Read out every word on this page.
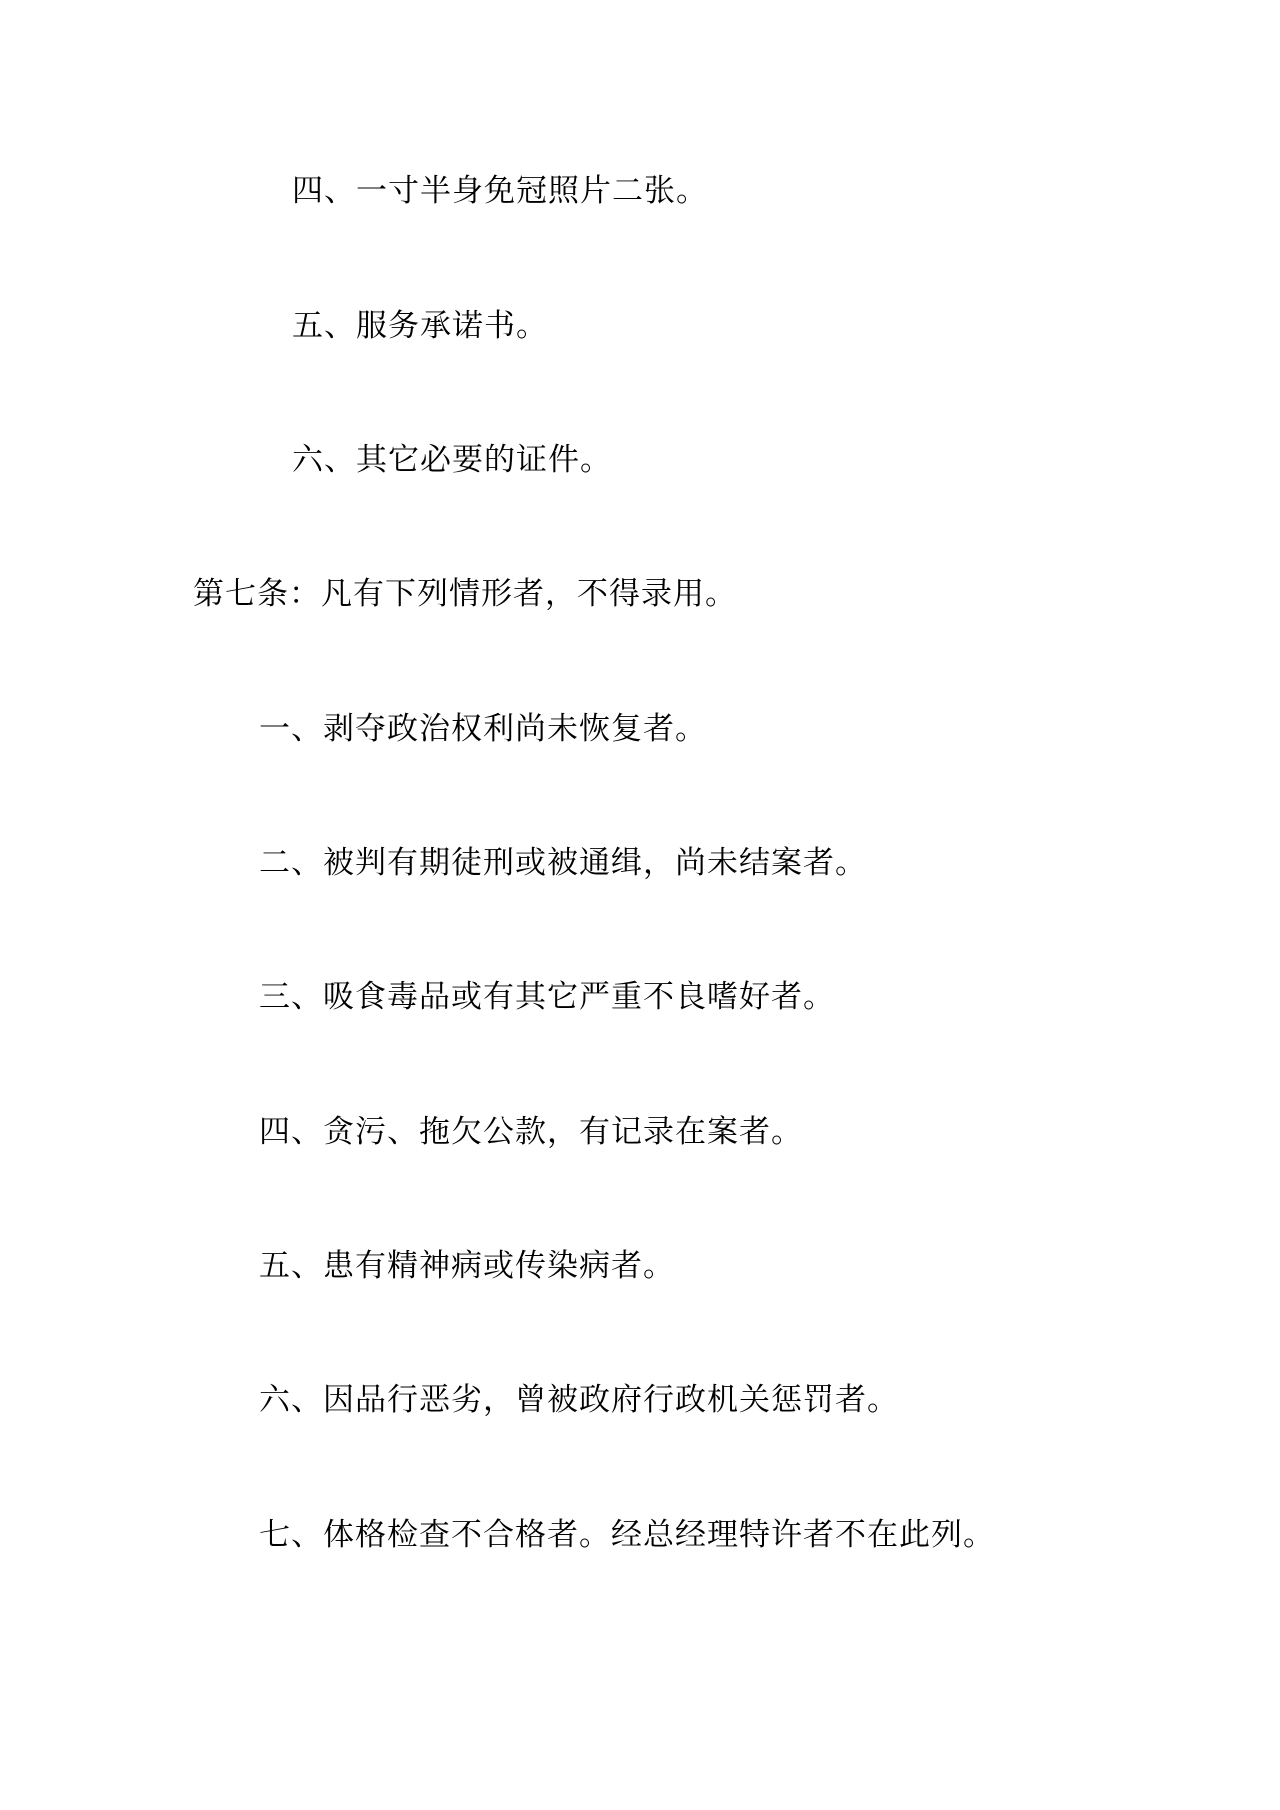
四、一寸半身免冠照片二张。
五、服务承诺书。
六、其它必要的证件。
第七条：凡有下列情形者，不得录用。
一、剥夺政治权利尚未恢复者。
二、被判有期徒刑或被通缉，尚未结案者。
三、吸食毒品或有其它严重不良嗜好者。
四、贪污、拖欠公款，有记录在案者。
五、患有精神病或传染病者。
六、因品行恶劣，曾被政府行政机关惩罚者。
七、体格检查不合格者。经总经理特许者不在此列。
